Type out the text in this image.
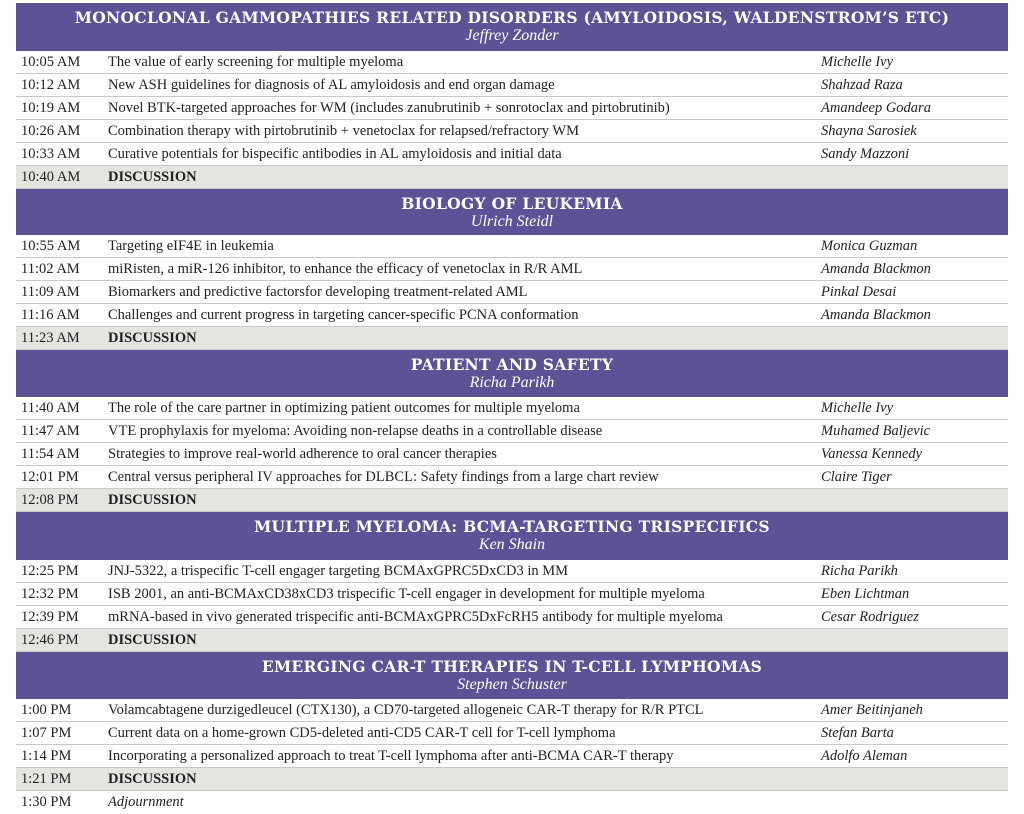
MONOCLONAL GAMMOPATHIES RELATED DISORDERS (AMYLOIDOSIS, WALDENSTROM’S ETC)
Jeffrey Zonder
10:05 AM The value of early screening for multiple myeloma	Michelle Ivy
10:12 AM New ASH guidelines for diagnosis of AL amyloidosis and end organ damage	Shahzad Raza
10:19 AM Novel BTK-targeted approaches for WM (includes zanubrutinib + sonrotoclax and pirtobrutinib)	Amandeep Godara
10:26 AM Combination therapy with pirtobrutinib + venetoclax for relapsed/refractory WM	Shayna Sarosiek
10:33 AM Curative potentials for bispecific antibodies in AL amyloidosis and initial data	Sandy Mazzoni
10:40 AM DISCUSSION
BIOLOGY OF LEUKEMIA
Ulrich Steidl
10:55 AM Targeting eIF4E in leukemia	Monica Guzman
11:02 AM miRisten, a miR-126 inhibitor, to enhance the efficacy of venetoclax in R/R AML	Amanda Blackmon
11:09 AM Biomarkers and predictive factorsfor developing treatment-related AML	Pinkal Desai
11:16 AM Challenges and current progress in targeting cancer-specific PCNA conformation	Amanda Blackmon
11:23 AM DISCUSSION
PATIENT AND SAFETY
Richa Parikh
11:40 AM The role of the care partner in optimizing patient outcomes for multiple myeloma	Michelle Ivy
11:47 AM VTE prophylaxis for myeloma: Avoiding non-relapse deaths in a controllable disease	Muhamed Baljevic
11:54 AM Strategies to improve real-world adherence to oral cancer therapies	Vanessa Kennedy
12:01 PM Central versus peripheral IV approaches for DLBCL: Safety findings from a large chart review	Claire Tiger
12:08 PM DISCUSSION
MULTIPLE MYELOMA: BCMA-TARGETING TRISPECIFICS
Ken Shain
12:25 PM JNJ-5322, a trispecific T-cell engager targeting BCMAxGPRC5DxCD3 in MM	Richa Parikh
12:32 PM ISB 2001, an anti-BCMAxCD38xCD3 trispecific T-cell engager in development for multiple myeloma	Eben Lichtman
12:39 PM mRNA-based in vivo generated trispecific anti-BCMAxGPRC5DxFcRH5 antibody for multiple myeloma	Cesar Rodriguez
12:46 PM DISCUSSION
EMERGING CAR-T THERAPIES IN T-CELL LYMPHOMAS
Stephen Schuster
1:00 PM	Volamcabtagene durzigedleucel (CTX130), a CD70-targeted allogeneic CAR-T therapy for R/R PTCL	Amer Beitinjaneh
1:07 PM	Current data on a home-grown CD5-deleted anti-CD5 CAR-T cell for T-cell lymphoma	Stefan Barta
1:14 PM	Incorporating a personalized approach to treat T-cell lymphoma after anti-BCMA CAR-T therapy	Adolfo Aleman
1:21 PM	DISCUSSION
1:30 PM	Adjournment
